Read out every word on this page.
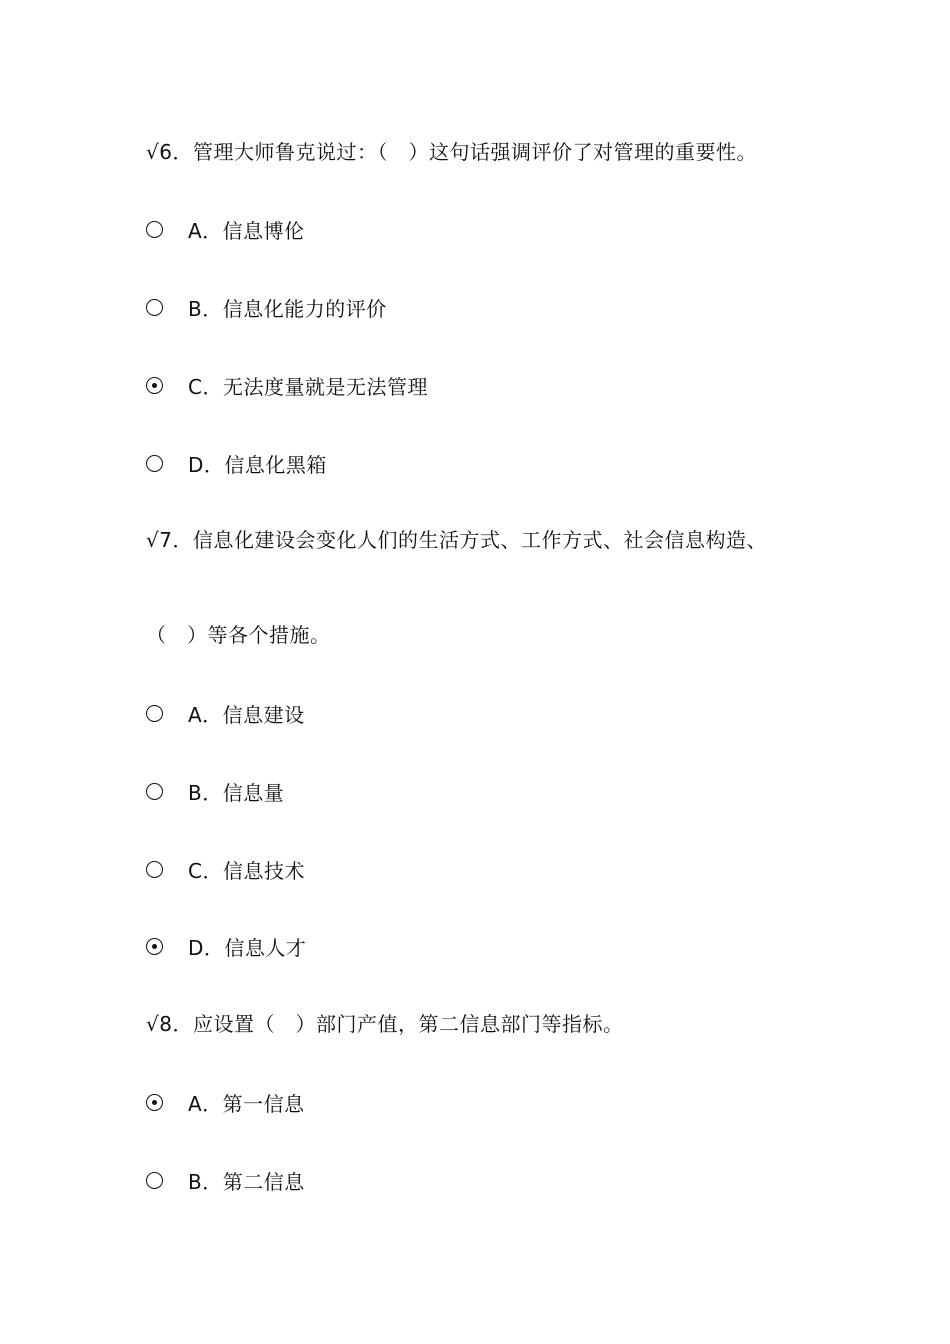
√6．管理大师鲁克说过：（　）这句话强调评价了对管理的重要性。
A．信息博伦
B．信息化能力的评价
C．无法度量就是无法管理
D．信息化黑箱
√7．信息化建设会变化人们的生活方式、工作方式、社会信息构造、
（　）等各个措施。
A．信息建设
B．信息量
C．信息技术
D．信息人才
√8．应设置（　）部门产值，第二信息部门等指标。
A．第一信息
B．第二信息
